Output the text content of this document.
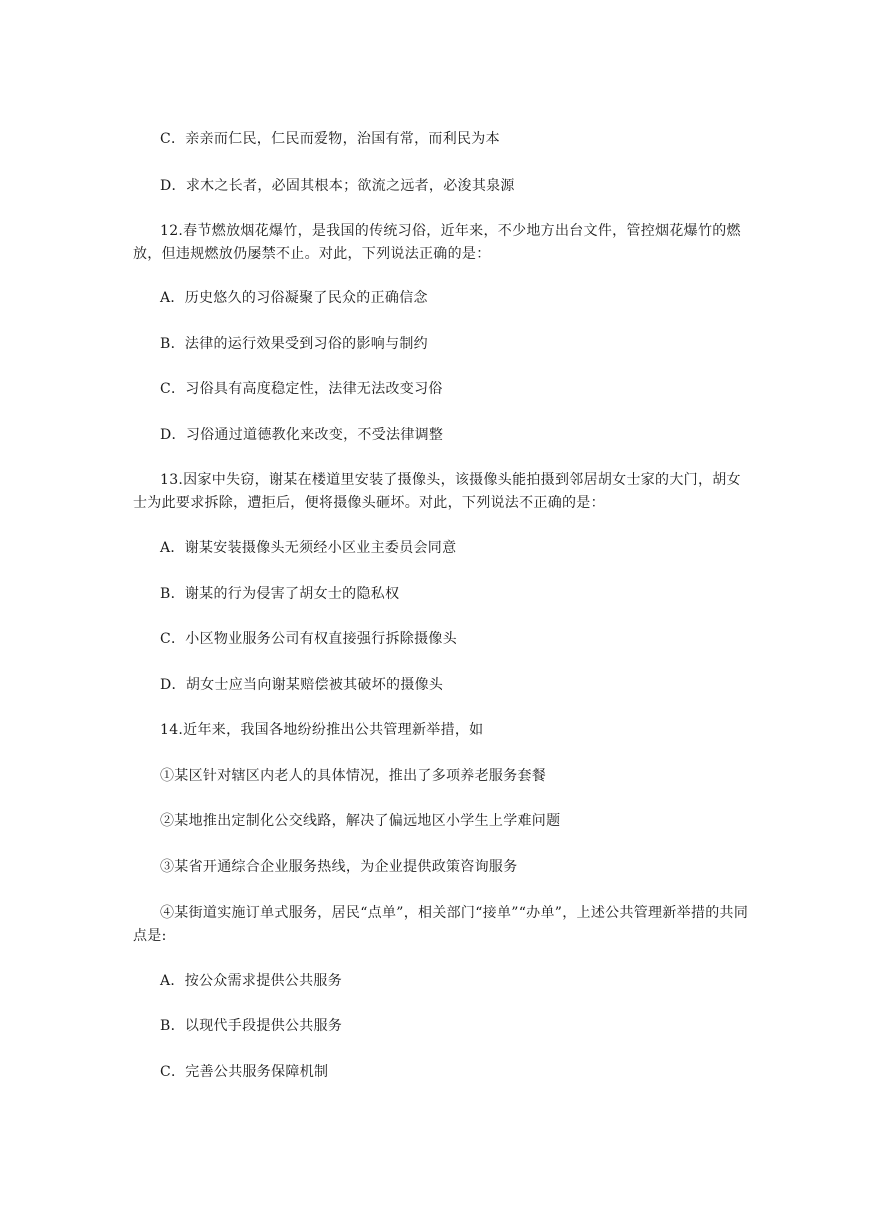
C．亲亲而仁民，仁民而爱物，治国有常，而利民为本
D．求木之长者，必固其根本；欲流之远者，必浚其泉源
12.春节燃放烟花爆竹，是我国的传统习俗，近年来，不少地方出台文件，管控烟花爆竹的燃放，但违规燃放仍屡禁不止。对此，下列说法正确的是：
A．历史悠久的习俗凝聚了民众的正确信念
B．法律的运行效果受到习俗的影响与制约
C．习俗具有高度稳定性，法律无法改变习俗
D．习俗通过道德教化来改变，不受法律调整
13.因家中失窃，谢某在楼道里安装了摄像头，该摄像头能拍摄到邻居胡女士家的大门，胡女士为此要求拆除，遭拒后，便将摄像头砸坏。对此，下列说法不正确的是：
A．谢某安装摄像头无须经小区业主委员会同意
B．谢某的行为侵害了胡女士的隐私权
C．小区物业服务公司有权直接强行拆除摄像头
D．胡女士应当向谢某赔偿被其破坏的摄像头
14.近年来，我国各地纷纷推出公共管理新举措，如
①某区针对辖区内老人的具体情况，推出了多项养老服务套餐
②某地推出定制化公交线路，解决了偏远地区小学生上学难问题
③某省开通综合企业服务热线，为企业提供政策咨询服务
④某街道实施订单式服务，居民“点单”，相关部门“接单”“办单”，上述公共管理新举措的共同点是:
A．按公众需求提供公共服务
B．以现代手段提供公共服务
C．完善公共服务保障机制
